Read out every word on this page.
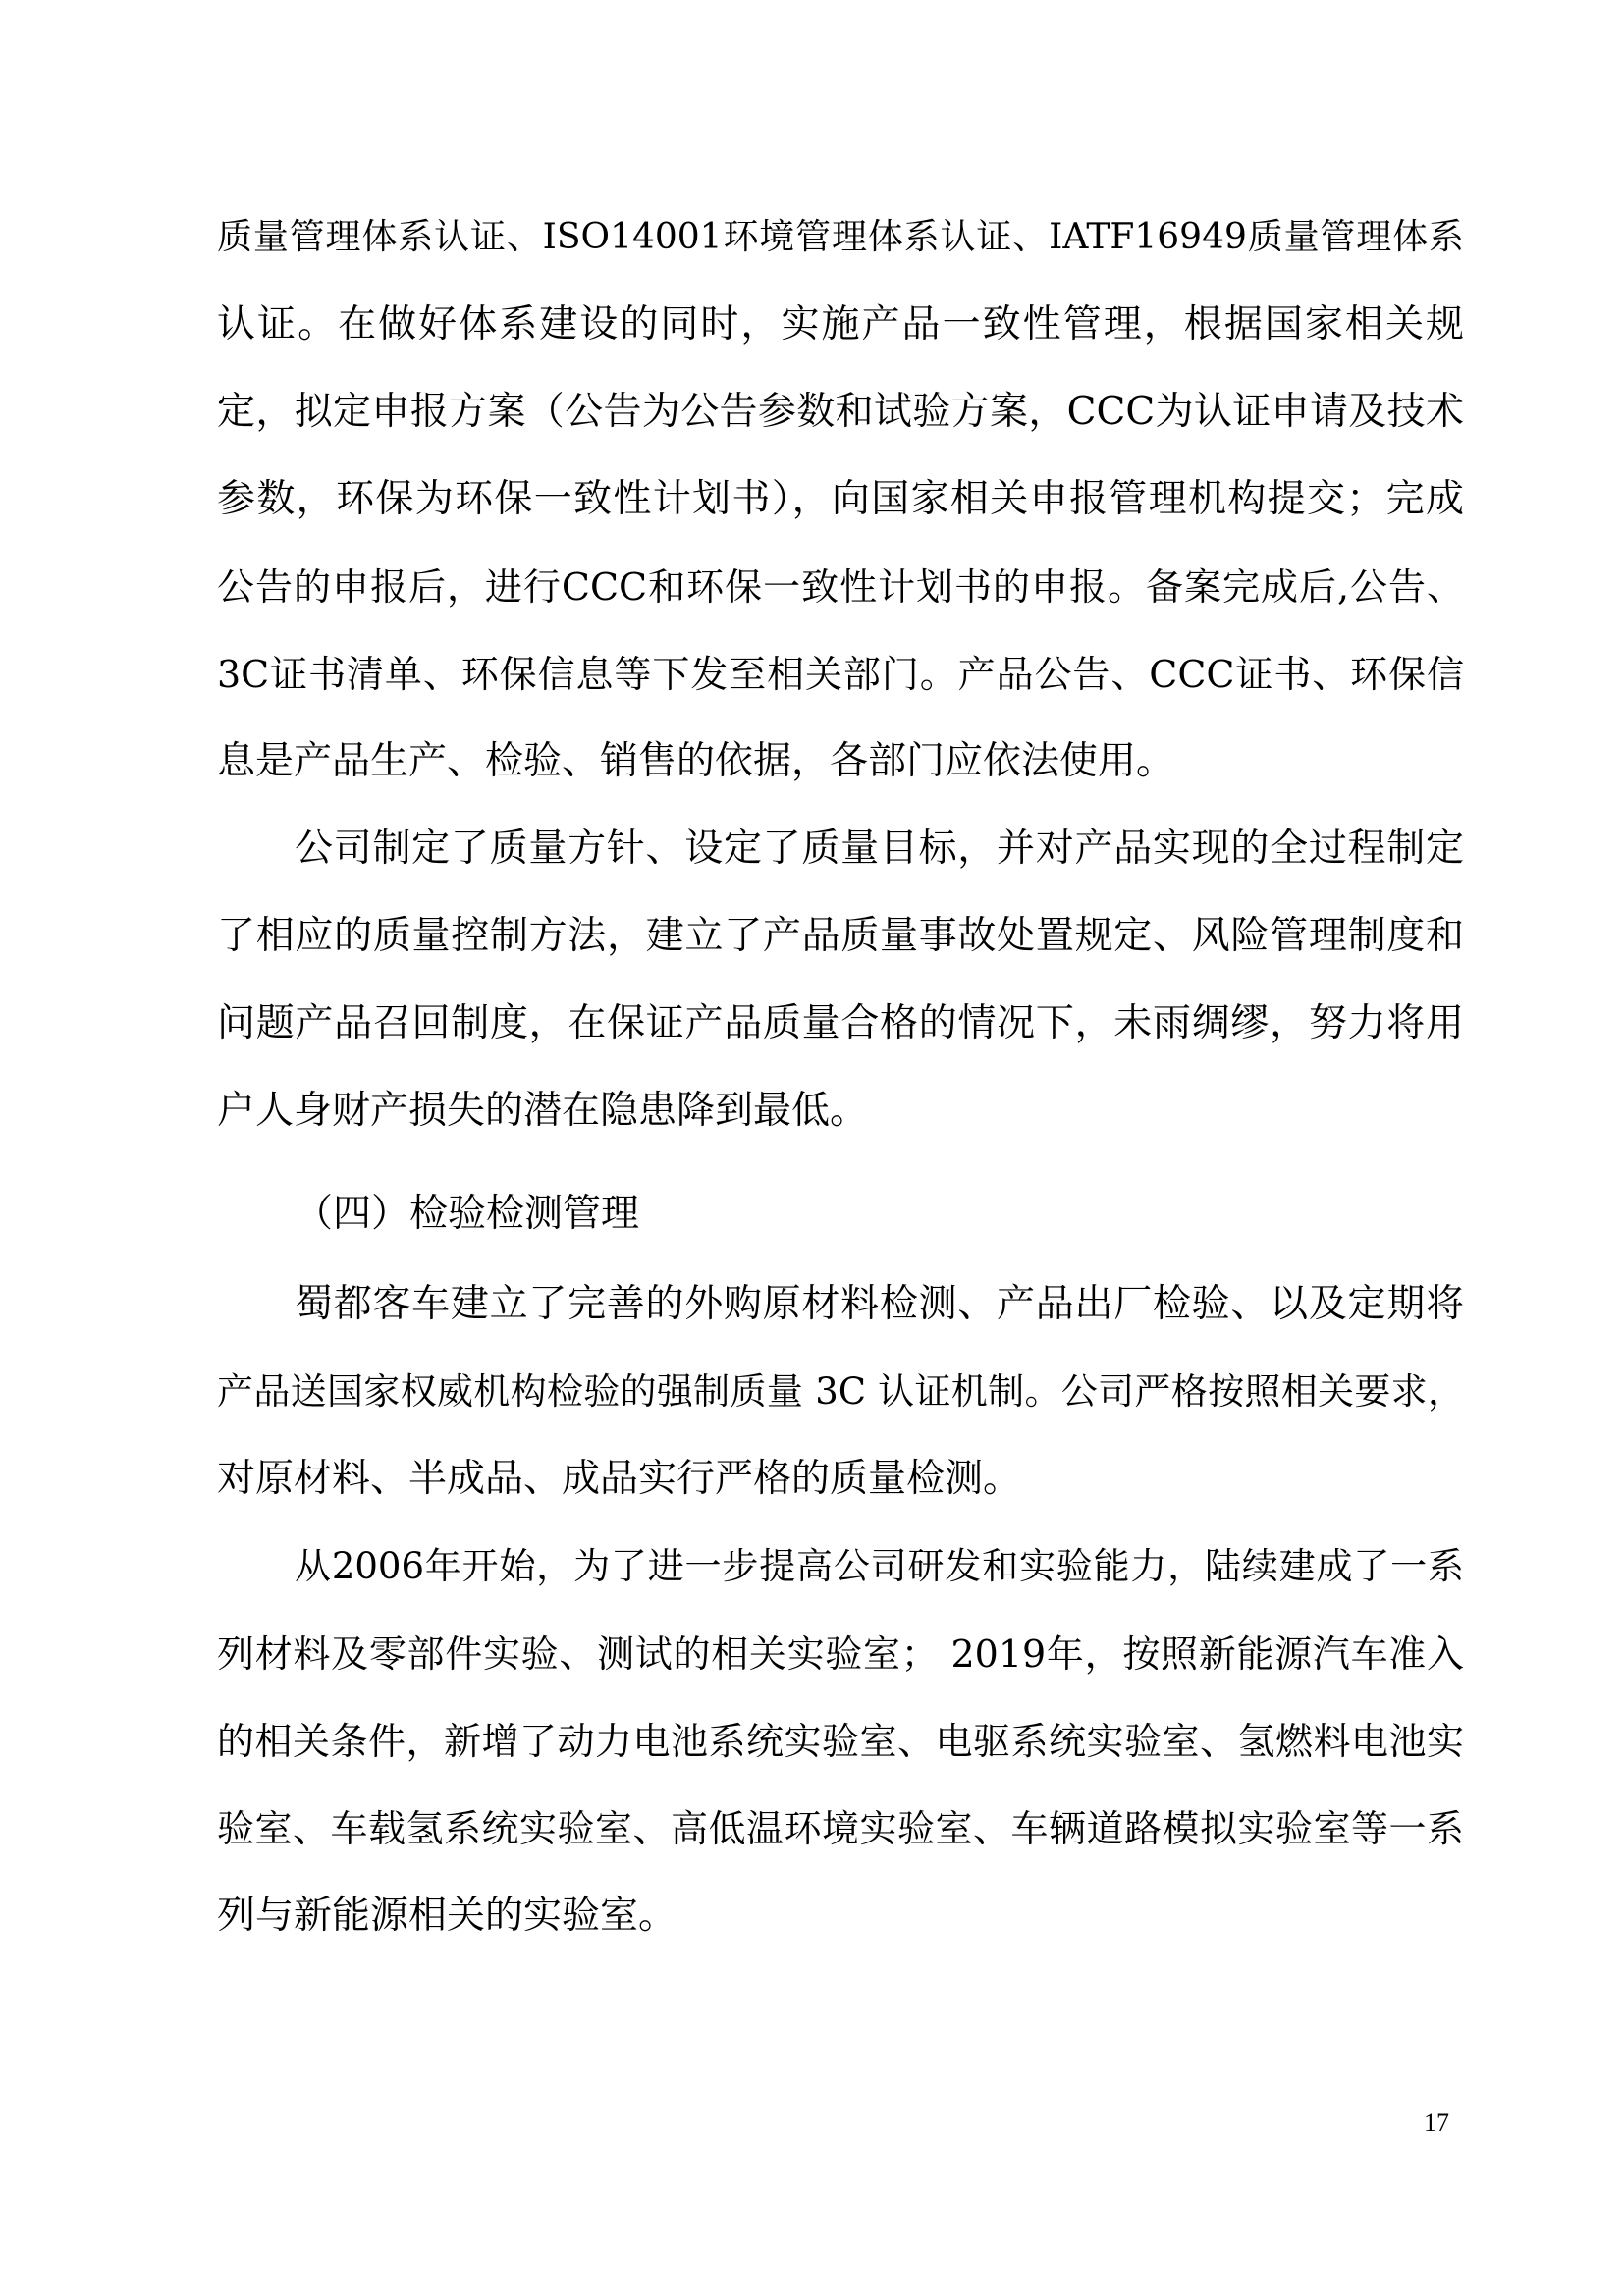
质量管理体系认证、ISO14001环境管理体系认证、IATF16949质量管理体系
认证。在做好体系建设的同时，实施产品一致性管理，根据国家相关规
定，拟定申报方案（公告为公告参数和试验方案，CCC为认证申请及技术
参数，环保为环保一致性计划书），向国家相关申报管理机构提交；完成
公告的申报后，进行CCC和环保一致性计划书的申报。备案完成后,公告、
3C证书清单、环保信息等下发至相关部门。产品公告、CCC证书、环保信
息是产品生产、检验、销售的依据，各部门应依法使用。
公司制定了质量方针、设定了质量目标，并对产品实现的全过程制定
了相应的质量控制方法，建立了产品质量事故处置规定、风险管理制度和
问题产品召回制度，在保证产品质量合格的情况下，未雨绸缪，努力将用
户人身财产损失的潜在隐患降到最低。
（四）检验检测管理
蜀都客车建立了完善的外购原材料检测、产品出厂检验、以及定期将
产品送国家权威机构检验的强制质量 3C 认证机制。公司严格按照相关要求，
对原材料、半成品、成品实行严格的质量检测。
从2006年开始，为了进一步提高公司研发和实验能力，陆续建成了一系
列材料及零部件实验、测试的相关实验室； 2019年，按照新能源汽车准入
的相关条件，新增了动力电池系统实验室、电驱系统实验室、氢燃料电池实
验室、车载氢系统实验室、高低温环境实验室、车辆道路模拟实验室等一系
列与新能源相关的实验室。
17
